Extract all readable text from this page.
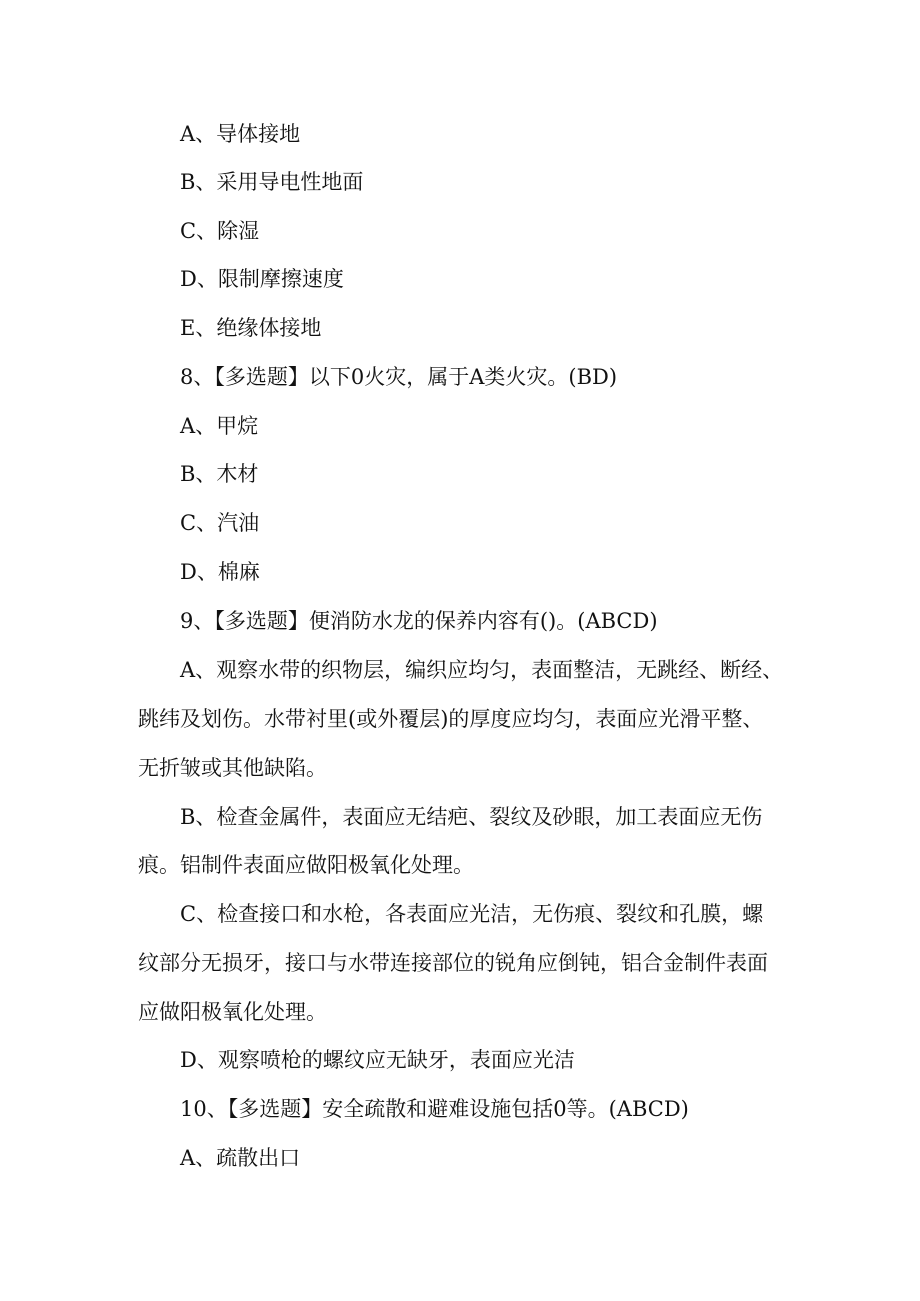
A、导体接地
B、采用导电性地面
C、除湿
D、限制摩擦速度
E、绝缘体接地
8、【多选题】以下0火灾，属于A类火灾。(BD)
A、甲烷
B、木材
C、汽油
D、棉麻
9、【多选题】便消防水龙的保养内容有()。(ABCD)
A、观察水带的织物层，编织应均匀，表面整洁，无跳经、断经、
跳纬及划伤。水带衬里(或外覆层)的厚度应均匀，表面应光滑平整、
无折皱或其他缺陷。
B、检查金属件，表面应无结疤、裂纹及砂眼，加工表面应无伤
痕。铝制件表面应做阳极氧化处理。
C、检查接口和水枪，各表面应光洁，无伤痕、裂纹和孔膜，螺
纹部分无损牙，接口与水带连接部位的锐角应倒钝，铝合金制件表面
应做阳极氧化处理。
D、观察喷枪的螺纹应无缺牙，表面应光洁
10、【多选题】安全疏散和避难设施包括0等。(ABCD)
A、疏散出口
